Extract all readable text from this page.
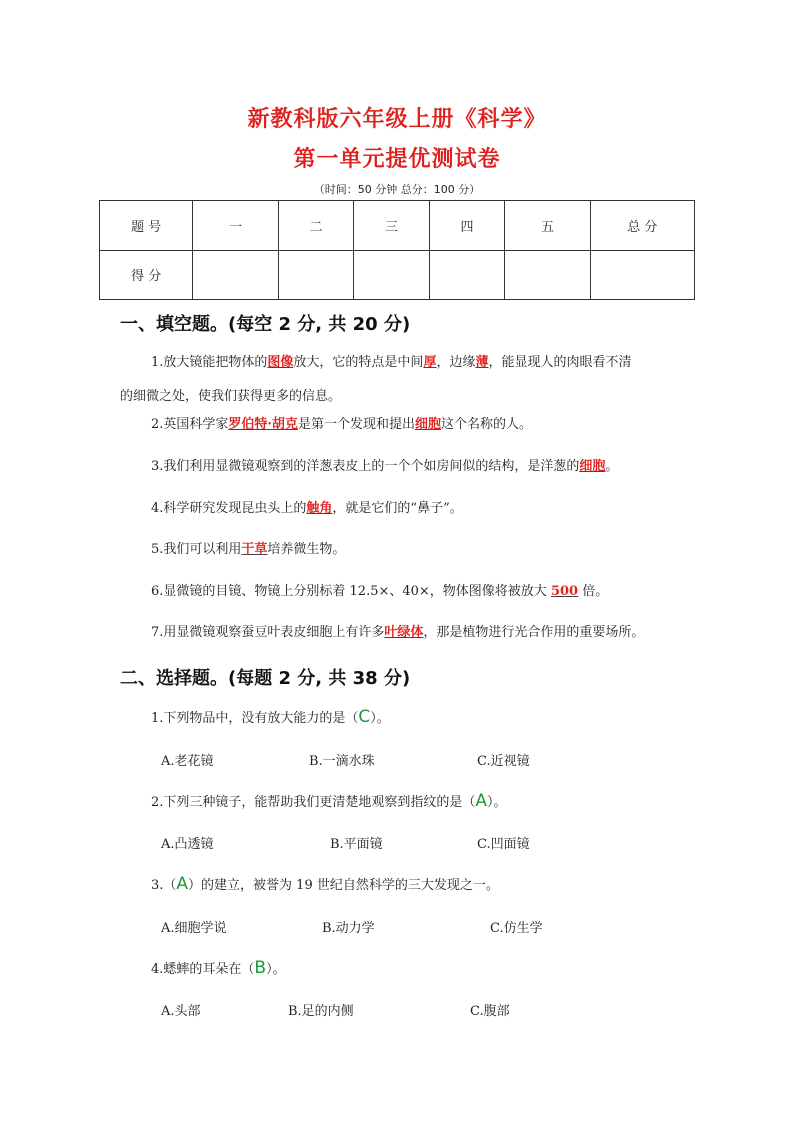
新教科版六年级上册《科学》
第一单元提优测试卷
（时间：50 分钟 总分：100 分）
题 号	一	二	三	四	五	总 分
得 分						
一、填空题。(每空 2 分, 共 20 分)
1.放大镜能把物体的图像放大，它的特点是中间厚，边缘薄，能显现人的肉眼看不清
的细微之处，使我们获得更多的信息。
2.英国科学家罗伯特·胡克是第一个发现和提出细胞这个名称的人。
3.我们利用显微镜观察到的洋葱表皮上的一个个如房间似的结构，是洋葱的细胞。
4.科学研究发现昆虫头上的触角，就是它们的“鼻子”。
5.我们可以利用干草培养微生物。
6.显微镜的目镜、物镜上分别标着 12.5×、40×，物体图像将被放大 500 倍。
7.用显微镜观察蚕豆叶表皮细胞上有许多叶绿体，那是植物进行光合作用的重要场所。
二、选择题。(每题 2 分, 共 38 分)
1.下列物品中，没有放大能力的是（C）。
A.老花镜	B.一滴水珠	C.近视镜
2.下列三种镜子，能帮助我们更清楚地观察到指纹的是（A）。
A.凸透镜	B.平面镜	C.凹面镜
3.（A）的建立，被誉为 19 世纪自然科学的三大发现之一。
A.细胞学说	B.动力学	C.仿生学
4.蟋蟀的耳朵在（B）。
A.头部	B.足的内侧	C.腹部
